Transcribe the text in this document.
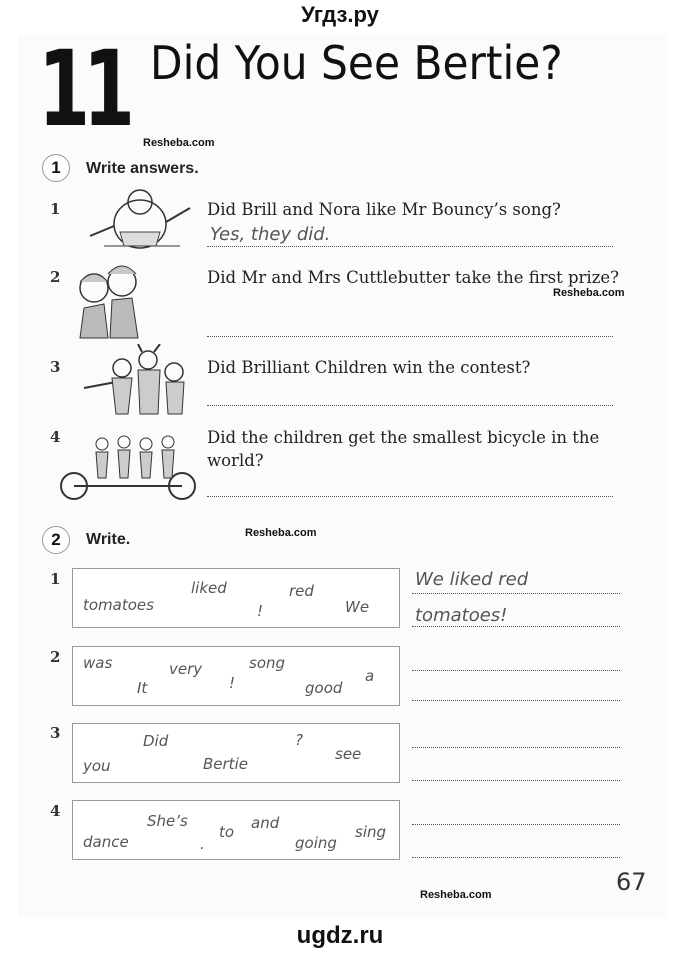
Угдз.ру
11 Did You See Bertie?
Resheba.com
1	Write answers.
1	Did Brill and Nora like Mr Bouncy’s song?
Yes, they did.
2	Did Mr and Mrs Cuttlebutter take the first prize?
Resheba.com
3	Did Brilliant Children win the contest?
4	Did the children get the smallest bicycle in the world?
2	Write.	Resheba.com
1	liked	red
tomatoes	!	We
We liked red
tomatoes!
2 was	very	song
a
It	!	good
3	Did	?
see
you	Bertie
4
She’s	and
dance
to	sing
.	going
67
Resheba.com
ugdz.ru
